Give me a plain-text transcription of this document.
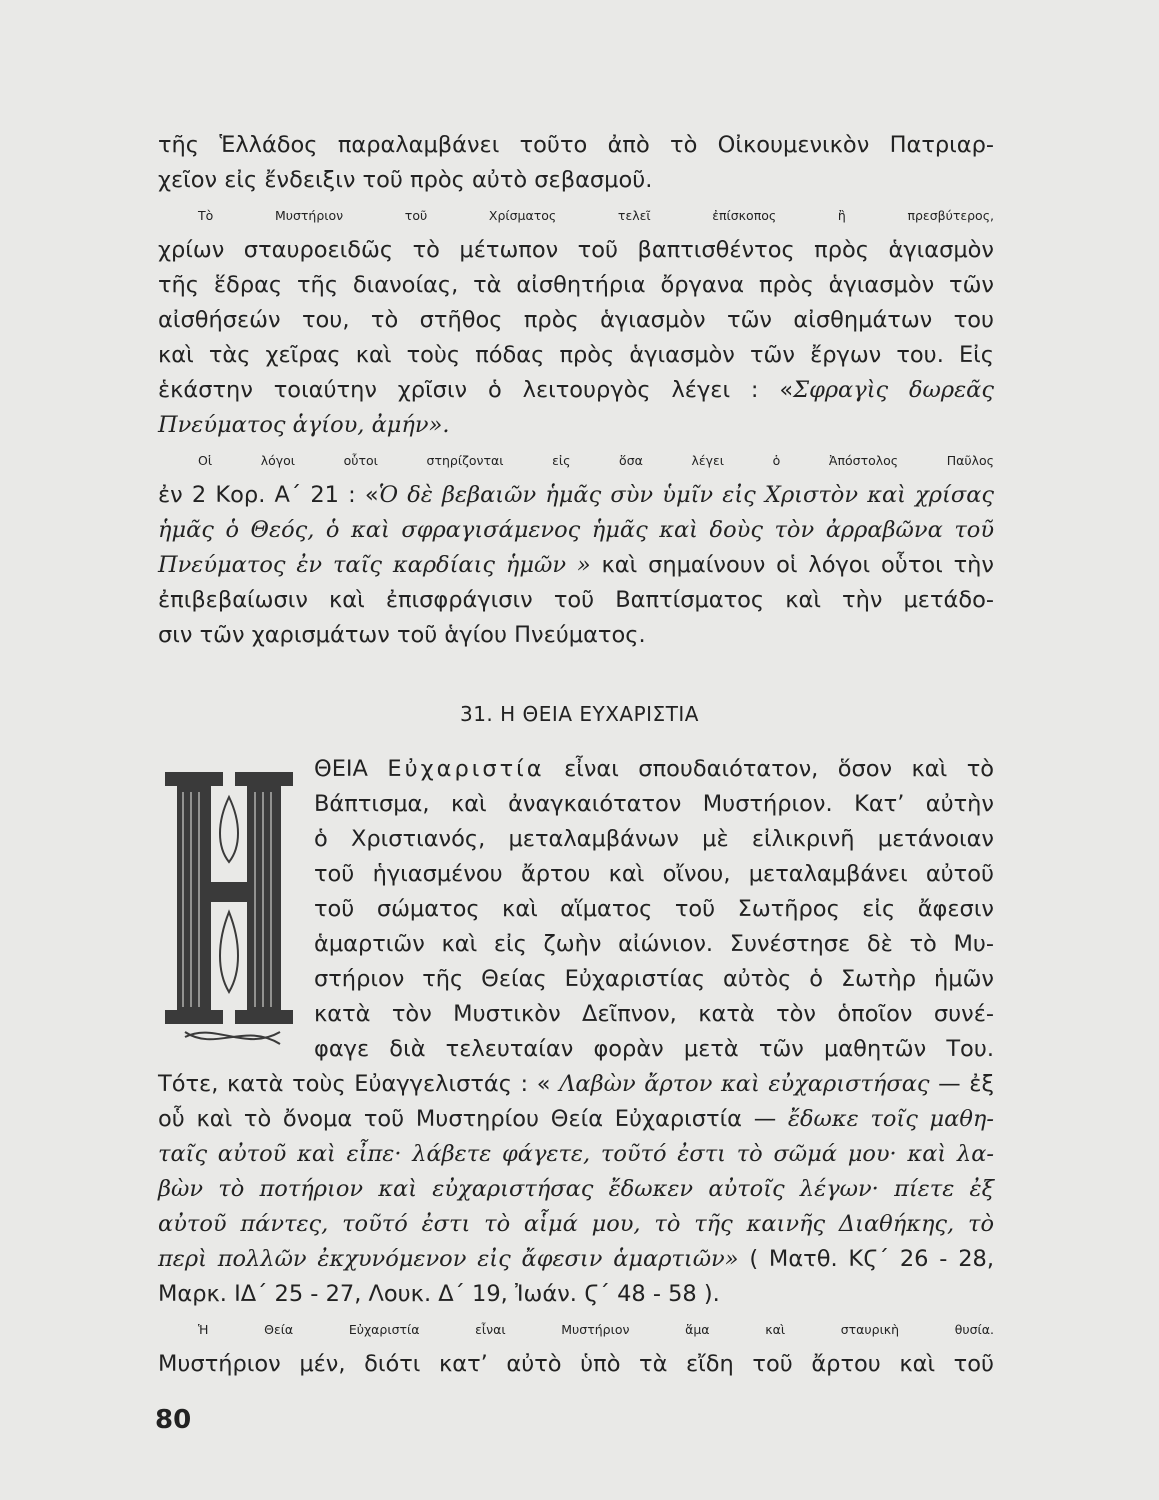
τῆς Ἑλλάδος παραλαμβάνει τοῦτο ἀπὸ τὸ Οἰκουμενικὸν Πατριαρ-
χεῖον εἰς ἔνδειξιν τοῦ πρὸς αὐτὸ σεβασμοῦ.
Τὸ Μυστήριον τοῦ Χρίσματος τελεῖ ἐπίσκοπος ἢ πρεσβύτερος,
χρίων σταυροειδῶς τὸ μέτωπον τοῦ βαπτισθέντος πρὸς ἁγιασμὸν
τῆς ἕδρας τῆς διανοίας, τὰ αἰσθητήρια ὄργανα πρὸς ἁγιασμὸν τῶν
αἰσθήσεών του, τὸ στῆθος πρὸς ἁγιασμὸν τῶν αἰσθημάτων του
καὶ τὰς χεῖρας καὶ τοὺς πόδας πρὸς ἁγιασμὸν τῶν ἔργων του. Εἰς
ἑκάστην τοιαύτην χρῖσιν ὁ λειτουργὸς λέγει : «Σφραγὶς δωρεᾶς
Πνεύματος ἁγίου, ἀμήν».
Οἱ λόγοι οὗτοι στηρίζονται εἰς ὅσα λέγει ὁ Ἀπόστολος Παῦλος
ἐν 2 Κορ. Α΄ 21 : «Ὁ δὲ βεβαιῶν ἡμᾶς σὺν ὑμῖν εἰς Χριστὸν καὶ χρίσας
ἡμᾶς ὁ Θεός, ὁ καὶ σφραγισάμενος ἡμᾶς καὶ δοὺς τὸν ἀρραβῶνα τοῦ
Πνεύματος ἐν ταῖς καρδίαις ἡμῶν » καὶ σημαίνουν οἱ λόγοι οὗτοι τὴν
ἐπιβεβαίωσιν καὶ ἐπισφράγισιν τοῦ Βαπτίσματος καὶ τὴν μετάδο-
σιν τῶν χαρισμάτων τοῦ ἁγίου Πνεύματος.
31. Η ΘΕΙΑ ΕΥΧΑΡΙΣΤΙΑ
Η
ΘΕΙΑ Εὐχαριστία εἶναι σπουδαιότατον, ὅσον καὶ τὸ
Βάπτισμα, καὶ ἀναγκαιότατον Μυστήριον. Κατ’ αὐτὴν
ὁ Χριστιανός, μεταλαμβάνων μὲ εἰλικρινῆ μετάνοιαν
τοῦ ἡγιασμένου ἄρτου καὶ οἴνου, μεταλαμβάνει αὐτοῦ
τοῦ σώματος καὶ αἵματος τοῦ Σωτῆρος εἰς ἄφεσιν
ἁμαρτιῶν καὶ εἰς ζωὴν αἰώνιον. Συνέστησε δὲ τὸ Μυ-
στήριον τῆς Θείας Εὐχαριστίας αὐτὸς ὁ Σωτὴρ ἡμῶν
κατὰ τὸν Μυστικὸν Δεῖπνον, κατὰ τὸν ὁποῖον συνέ-
φαγε διὰ τελευταίαν φορὰν μετὰ τῶν μαθητῶν Του.
Τότε, κατὰ τοὺς Εὐαγγελιστάς : « Λαβὼν ἄρτον καὶ εὐχαριστήσας — ἐξ
οὗ καὶ τὸ ὄνομα τοῦ Μυστηρίου Θεία Εὐχαριστία — ἔδωκε τοῖς μαθη-
ταῖς αὐτοῦ καὶ εἶπε· λάβετε φάγετε, τοῦτό ἐστι τὸ σῶμά μου· καὶ λα-
βὼν τὸ ποτήριον καὶ εὐχαριστήσας ἔδωκεν αὐτοῖς λέγων· πίετε ἐξ
αὐτοῦ πάντες, τοῦτό ἐστι τὸ αἷμά μου, τὸ τῆς καινῆς Διαθήκης, τὸ
περὶ πολλῶν ἐκχυνόμενον εἰς ἄφεσιν ἁμαρτιῶν» ( Ματθ. ΚϚ΄ 26 - 28,
Μαρκ. ΙΔ΄ 25 - 27, Λουκ. Δ΄ 19, Ἰωάν. Ϛ΄ 48 - 58 ).
Ἡ Θεία Εὐχαριστία εἶναι Μυστήριον ἅμα καὶ σταυρικὴ θυσία.
Μυστήριον μέν, διότι κατ’ αὐτὸ ὑπὸ τὰ εἴδη τοῦ ἄρτου καὶ τοῦ
80
